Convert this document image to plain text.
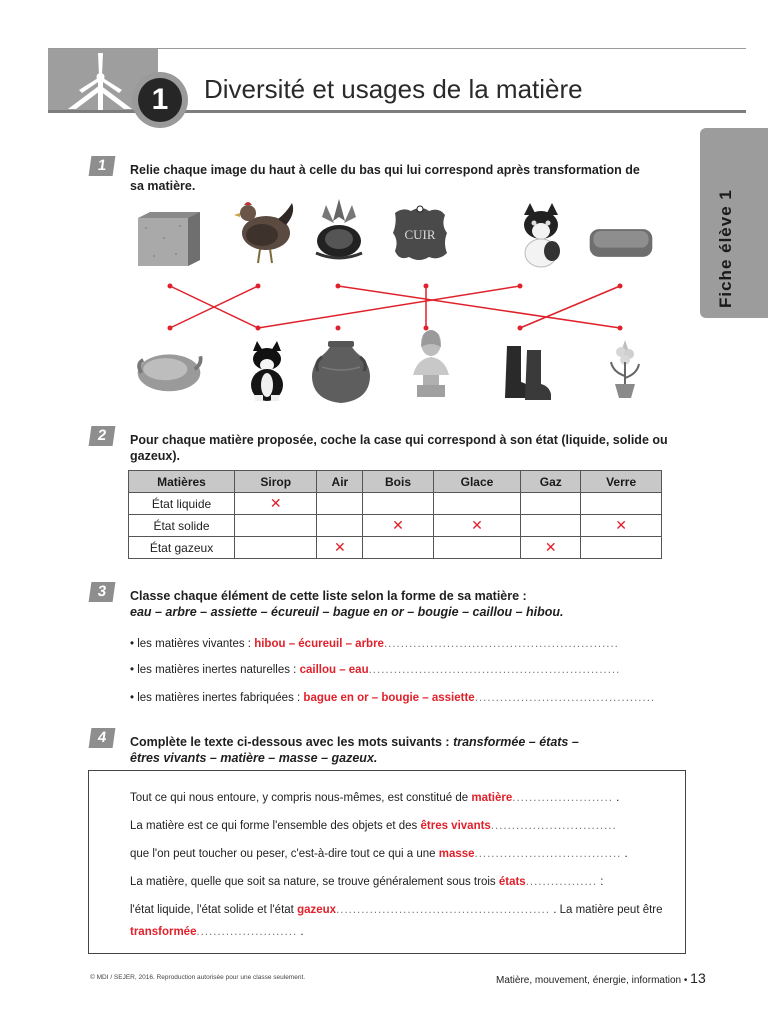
1	Diversité et usages de la matière
Fiche élève 1
1	Relie chaque image du haut à celle du bas qui lui correspond après transformation de sa matière.
CUIR
2	Pour chaque matière proposée, coche la case qui correspond à son état (liquide, solide ou gazeux).
Matières	Sirop	Air	Bois	Glace	Gaz	Verre
État liquide	✕					
État solide			✕	✕		✕
État gazeux		✕			✕	
3	Classe chaque élément de cette liste selon la forme de sa matière :
eau – arbre – assiette – écureuil – bague en or – bougie – caillou – hibou.
• les matières vivantes : hibou – écureuil – arbre........................................................
• les matières inertes naturelles : caillou – eau............................................................
• les matières inertes fabriquées : bague en or – bougie – assiette...........................................
4	Complète le texte ci-dessous avec les mots suivants : transformée – états –
êtres vivants – matière – masse – gazeux.
Tout ce qui nous entoure, y compris nous-mêmes, est constitué de matière........................ .
La matière est ce qui forme l'ensemble des objets et des êtres vivants..............................
que l'on peut toucher ou peser, c'est-à-dire tout ce qui a une masse................................... .
La matière, quelle que soit sa nature, se trouve généralement sous trois états................. :
l'état liquide, l'état solide et l'état gazeux................................................... . La matière peut être
transformée........................ .
© MDI / SEJER, 2016. Reproduction autorisée pour une classe seulement.	Matière, mouvement, énergie, information • 13
